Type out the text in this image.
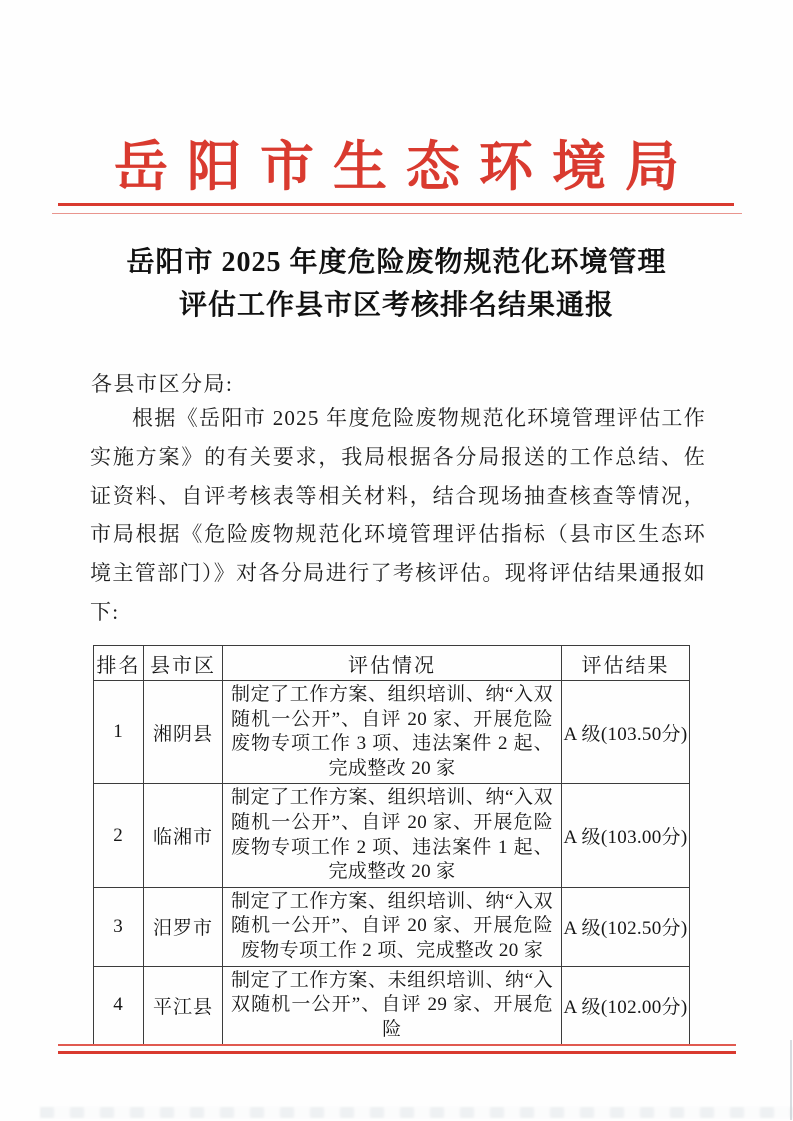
岳阳市生态环境局
岳阳市 2025 年度危险废物规范化环境管理
评估工作县市区考核排名结果通报
各县市区分局:
根据《岳阳市 2025 年度危险废物规范化环境管理评估工作实施方案》的有关要求，我局根据各分局报送的工作总结、佐证资料、自评考核表等相关材料，结合现场抽查核查等情况，市局根据《危险废物规范化环境管理评估指标（县市区生态环境主管部门）》对各分局进行了考核评估。现将评估结果通报如下:
排名	县市区	评估情况	评估结果
1	湘阴县	制定了工作方案、组织培训、纳“入双随机一公开”、自评 20 家、开展危险废物专项工作 3 项、违法案件 2 起、完成整改 20 家	A 级(103.50分)
2	临湘市	制定了工作方案、组织培训、纳“入双随机一公开”、自评 20 家、开展危险废物专项工作 2 项、违法案件 1 起、完成整改 20 家	A 级(103.00分)
3	汨罗市	制定了工作方案、组织培训、纳“入双随机一公开”、自评 20 家、开展危险废物专项工作 2 项、完成整改 20 家	A 级(102.50分)
4	平江县	制定了工作方案、未组织培训、纳“入双随机一公开”、自评 29 家、开展危险	A 级(102.00分)
